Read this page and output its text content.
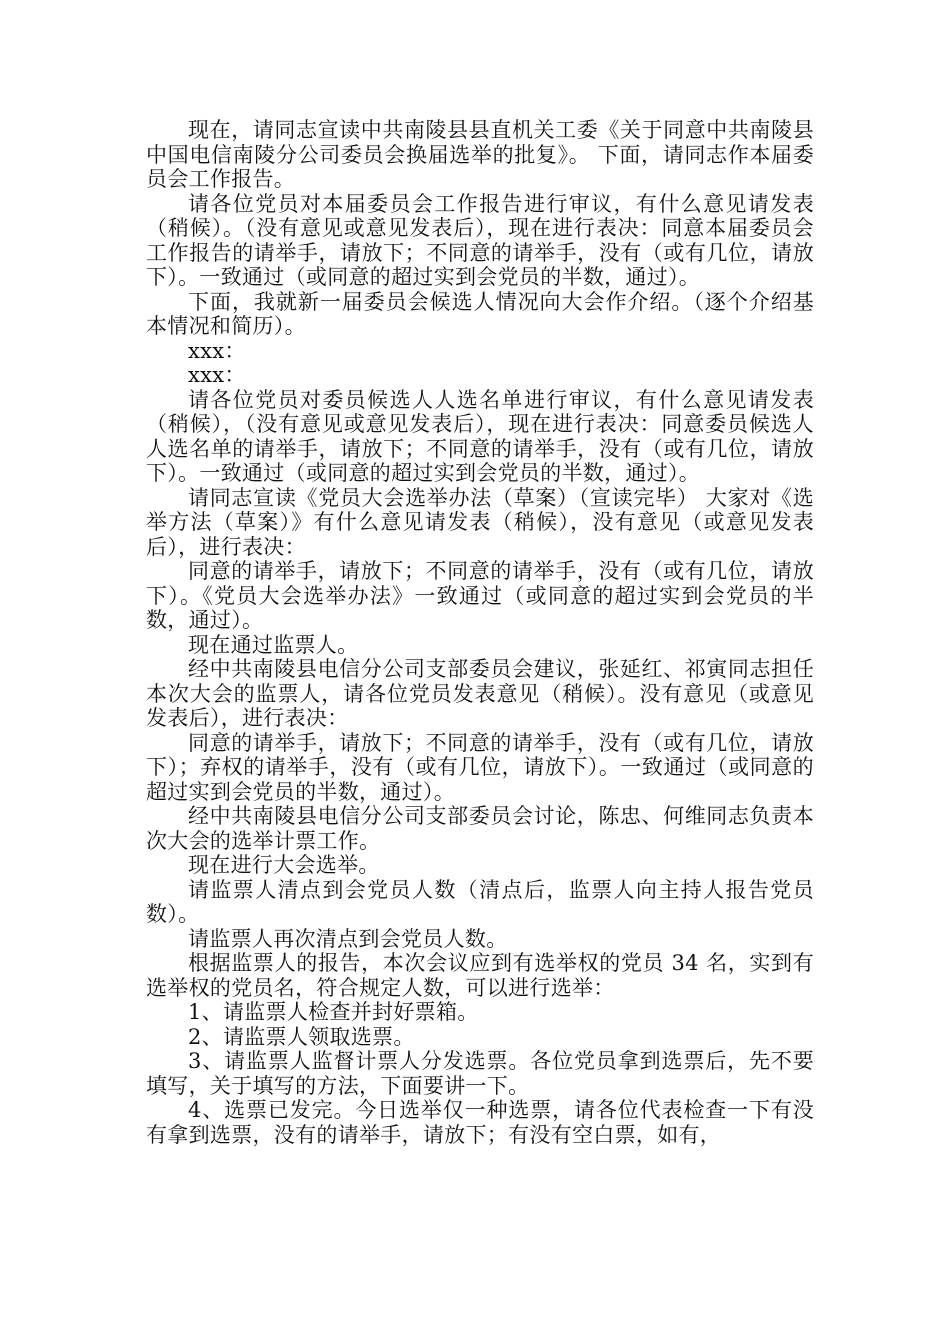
现在，请同志宣读中共南陵县县直机关工委《关于同意中共南陵县中国电信南陵分公司委员会换届选举的批复》。 下面，请同志作本届委员会工作报告。

请各位党员对本届委员会工作报告进行审议，有什么意见请发表（稍候）。（没有意见或意见发表后），现在进行表决：同意本届委员会工作报告的请举手，请放下；不同意的请举手，没有（或有几位，请放下）。一致通过（或同意的超过实到会党员的半数，通过）。

下面，我就新一届委员会候选人情况向大会作介绍。（逐个介绍基本情况和简历）。

xxx：

xxx：

请各位党员对委员候选人人选名单进行审议，有什么意见请发表（稍候），（没有意见或意见发表后），现在进行表决：同意委员候选人人选名单的请举手，请放下；不同意的请举手，没有（或有几位，请放下）。一致通过（或同意的超过实到会党员的半数，通过）。

请同志宣读《党员大会选举办法（草案）（宣读完毕） 大家对《选举方法（草案）》有什么意见请发表（稍候），没有意见（或意见发表后），进行表决：

同意的请举手，请放下；不同意的请举手，没有（或有几位，请放下）。《党员大会选举办法》一致通过（或同意的超过实到会党员的半数，通过）。

现在通过监票人。

经中共南陵县电信分公司支部委员会建议，张延红、祁寅同志担任本次大会的监票人，请各位党员发表意见（稍候）。没有意见（或意见发表后），进行表决：

同意的请举手，请放下；不同意的请举手，没有（或有几位，请放下）；弃权的请举手，没有（或有几位，请放下）。一致通过（或同意的超过实到会党员的半数，通过）。

经中共南陵县电信分公司支部委员会讨论，陈忠、何维同志负责本次大会的选举计票工作。

现在进行大会选举。

请监票人清点到会党员人数（清点后，监票人向主持人报告党员数）。

请监票人再次清点到会党员人数。

根据监票人的报告，本次会议应到有选举权的党员 34 名，实到有选举权的党员名，符合规定人数，可以进行选举：

1、请监票人检查并封好票箱。

2、请监票人领取选票。

3、请监票人监督计票人分发选票。各位党员拿到选票后，先不要填写，关于填写的方法，下面要讲一下。

4、选票已发完。今日选举仅一种选票，请各位代表检查一下有没有拿到选票，没有的请举手，请放下；有没有空白票，如有，
